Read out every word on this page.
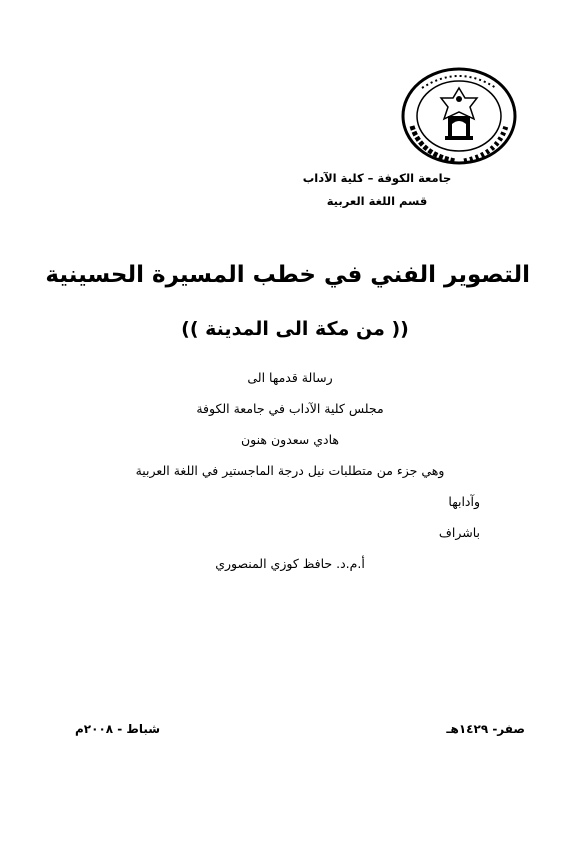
جامعة الكوفة – كلية الآداب
قسم اللغة العربية
التصوير الفني في خطب المسيرة الحسينية
(( من مكة الى المدينة ))
رسالة قدمها الى
مجلس كلية الآداب في جامعة الكوفة
هادي سعدون هنون
وهي جزء من متطلبات نيل درجة الماجستير في اللغة العربية
وآدابها
باشراف
أ.م.د. حافظ كوزي المنصوري
صفر- ١٤٢٩هـ
شباط - ٢٠٠٨م
